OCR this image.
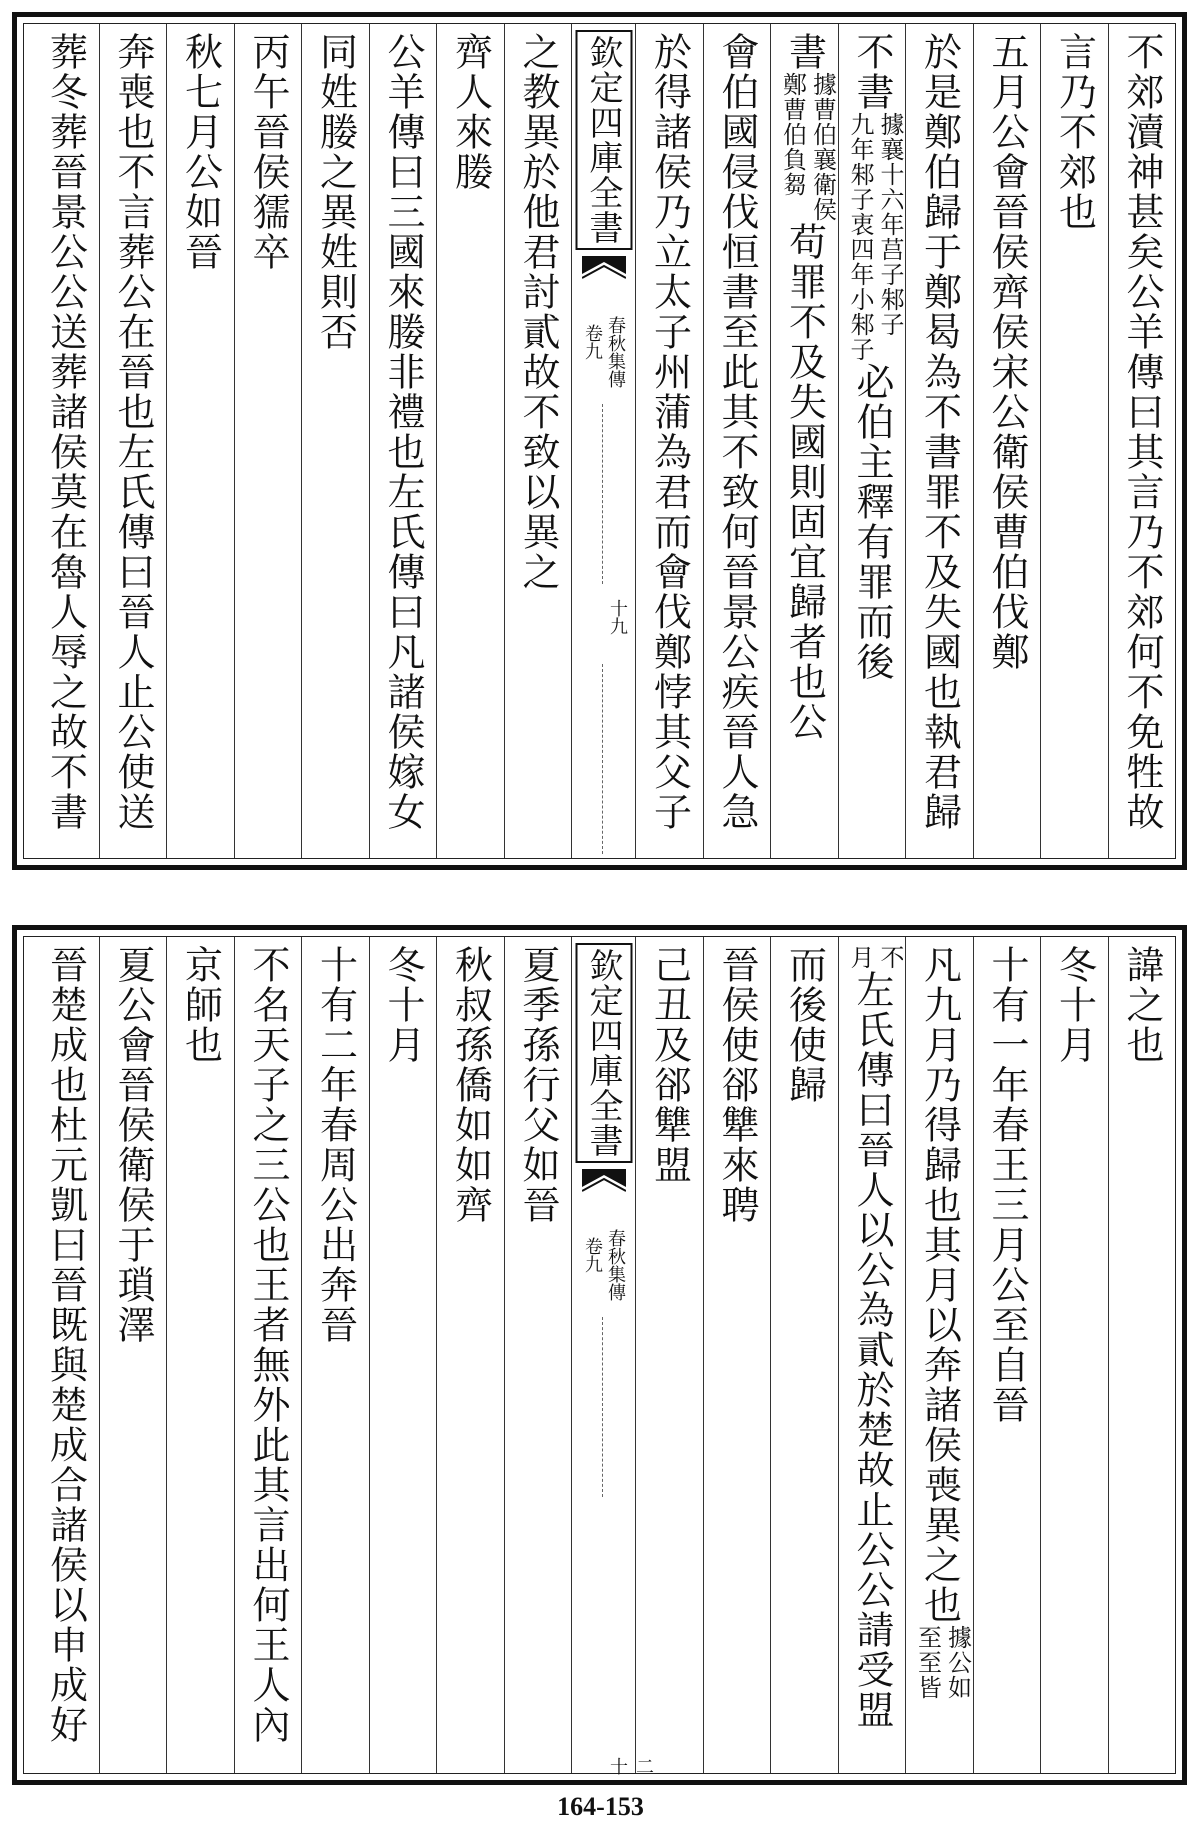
不郊瀆神甚矣公羊傳曰其言乃不郊何不免牲故
言乃不郊也
五月公會晉侯齊侯宋公衛侯曹伯伐鄭
於是鄭伯歸于鄭曷為不書罪不及失國也執君歸
不書
據襄十六年莒子邾子
九年邾子衷四年小邾子
必伯主釋有罪而後
書
據曹伯襄衛侯
鄭曹伯負芻
苟罪不及失國則固宜歸者也公
會伯國侵伐恒書至此其不致何晉景公疾晉人急
於得諸侯乃立太子州蒲為君而會伐鄭悖其父子
欽定四庫全書
春秋集傳
卷九
十九
之教異於他君討貳故不致以異之
齊人來媵
公羊傳曰三國來媵非禮也左氏傳曰凡諸侯嫁女
同姓媵之異姓則否
丙午晉侯獳卒
秋七月公如晉
奔喪也不言葬公在晉也左氏傳曰晉人止公使送
葬冬葬晉景公公送葬諸侯莫在魯人辱之故不書
諱之也
冬十月
十有一年春王三月公至自晉
凡九月乃得歸也其月以奔諸侯喪異之也
據公如
至至皆
不
月
左氏傳曰晉人以公為貳於楚故止公公請受盟
而後使歸
晉侯使郤犨來聘
己丑及郤犨盟
欽定四庫全書
春秋集傳
卷九
二十
夏季孫行父如晉
秋叔孫僑如如齊
冬十月
十有二年春周公出奔晉
不名天子之三公也王者無外此其言出何王人內
京師也
夏公會晉侯衛侯于瑣澤
晉楚成也杜元凱曰晉既與楚成合諸侯以申成好
164-153
